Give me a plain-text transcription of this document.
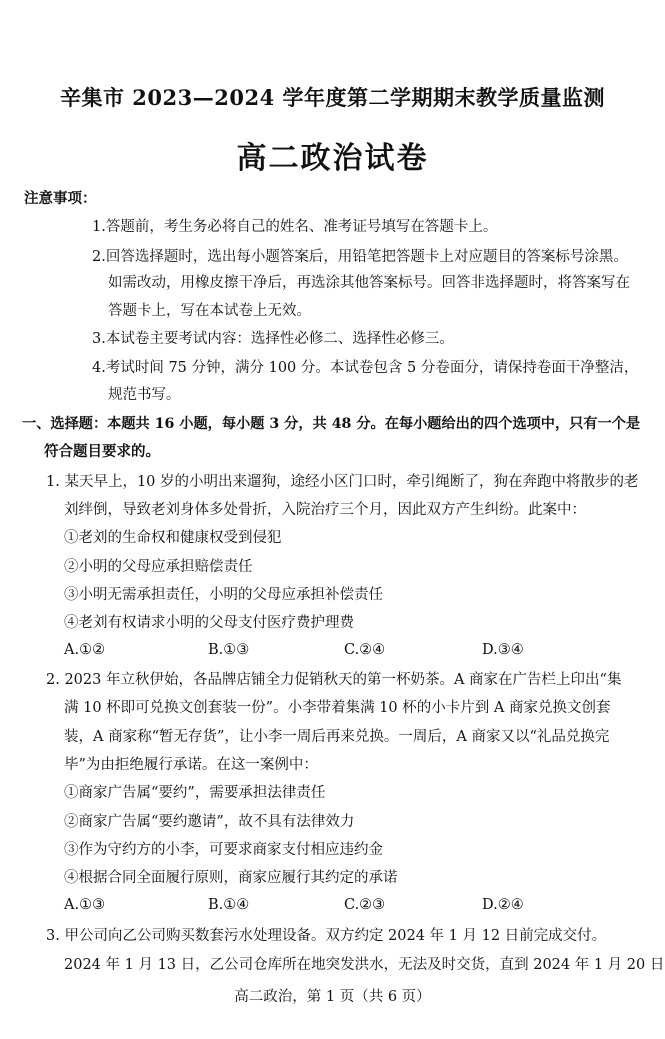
辛集市 2023—2024 学年度第二学期期末教学质量监测
高二政治试卷
注意事项：
1.答题前，考生务必将自己的姓名、准考证号填写在答题卡上。
2.回答选择题时，选出每小题答案后，用铅笔把答题卡上对应题目的答案标号涂黑。
如需改动，用橡皮擦干净后，再选涂其他答案标号。回答非选择题时，将答案写在
答题卡上，写在本试卷上无效。
3.本试卷主要考试内容：选择性必修二、选择性必修三。
4.考试时间 75 分钟，满分 100 分。本试卷包含 5 分卷面分，请保持卷面干净整洁，
规范书写。
一、选择题：本题共 16 小题，每小题 3 分，共 48 分。在每小题给出的四个选项中，只有一个是
符合题目要求的。
1. 某天早上，10 岁的小明出来遛狗，途经小区门口时，牵引绳断了，狗在奔跑中将散步的老
刘绊倒，导致老刘身体多处骨折，入院治疗三个月，因此双方产生纠纷。此案中：
①老刘的生命权和健康权受到侵犯
②小明的父母应承担赔偿责任
③小明无需承担责任，小明的父母应承担补偿责任
④老刘有权请求小明的父母支付医疗费护理费
A.①②	B.①③	C.②④	D.③④
2. 2023 年立秋伊始，各品牌店铺全力促销秋天的第一杯奶茶。A 商家在广告栏上印出“集
满 10 杯即可兑换文创套装一份”。小李带着集满 10 杯的小卡片到 A 商家兑换文创套
装，A 商家称“暂无存货”，让小李一周后再来兑换。一周后，A 商家又以“礼品兑换完
毕”为由拒绝履行承诺。在这一案例中：
①商家广告属“要约”，需要承担法律责任
②商家广告属“要约邀请”，故不具有法律效力
③作为守约方的小李，可要求商家支付相应违约金
④根据合同全面履行原则，商家应履行其约定的承诺
A.①③	B.①④	C.②③	D.②④
3. 甲公司向乙公司购买数套污水处理设备。双方约定 2024 年 1 月 12 日前完成交付。
2024 年 1 月 13 日，乙公司仓库所在地突发洪水，无法及时交货，直到 2024 年 1 月 20 日
高二政治，第 1 页（共 6 页）
